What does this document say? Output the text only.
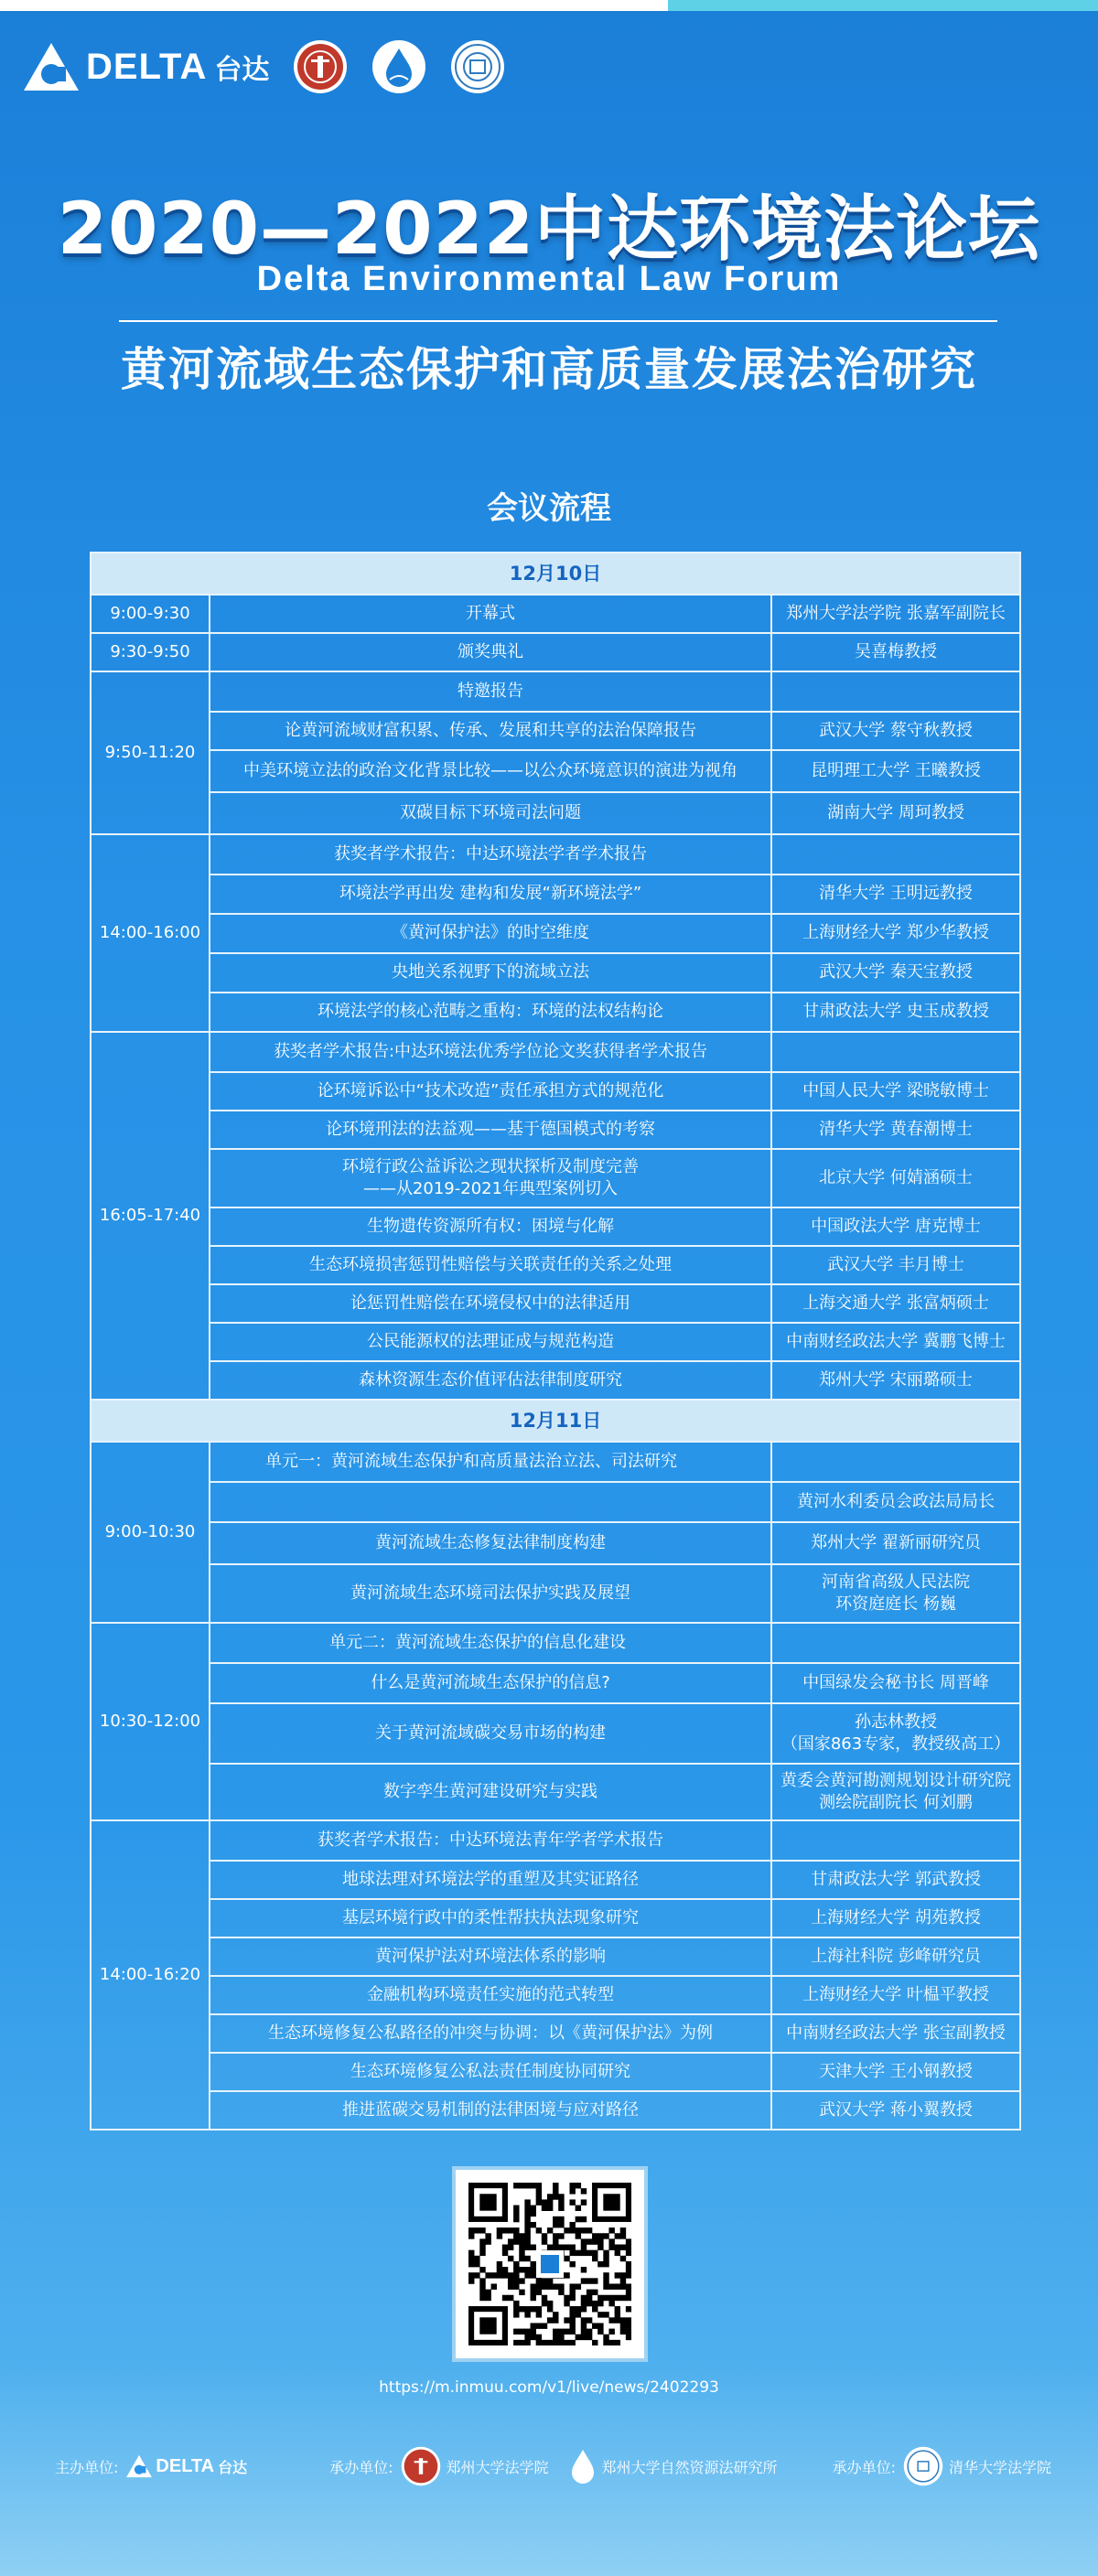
DELTA 台达
2020—2022中达环境法论坛
Delta Environmental Law Forum
黄河流域生态保护和高质量发展法治研究
会议流程
12月10日		
9:00-9:30	开幕式	郑州大学法学院 张嘉军副院长
9:30-9:50	颁奖典礼	吴喜梅教授
9:50-11:20	特邀报告	
	论黄河流域财富积累、传承、发展和共享的法治保障报告	武汉大学 蔡守秋教授
	中美环境立法的政治文化背景比较——以公众环境意识的演进为视角	昆明理工大学 王曦教授
	双碳目标下环境司法问题	湖南大学 周珂教授
14:00-16:00	获奖者学术报告：中达环境法学者学术报告	
	环境法学再出发 建构和发展“新环境法学”	清华大学 王明远教授
	《黄河保护法》的时空维度	上海财经大学 郑少华教授
	央地关系视野下的流域立法	武汉大学 秦天宝教授
	环境法学的核心范畴之重构：环境的法权结构论	甘肃政法大学 史玉成教授
16:05-17:40	获奖者学术报告:中达环境法优秀学位论文奖获得者学术报告	
	论环境诉讼中“技术改造”责任承担方式的规范化	中国人民大学 梁晓敏博士
	论环境刑法的法益观——基于德国模式的考察	清华大学 黄春潮博士

	环境行政公益诉讼之现状探析及制度完善
——从2019-2021年典型案例切入	北京大学 何婧涵硕士
	生物遗传资源所有权：困境与化解	中国政法大学 唐克博士
	生态环境损害惩罚性赔偿与关联责任的关系之处理	武汉大学 丰月博士
	论惩罚性赔偿在环境侵权中的法律适用	上海交通大学 张富炳硕士
	公民能源权的法理证成与规范构造	中南财经政法大学 冀鹏飞博士
	森林资源生态价值评估法律制度研究	郑州大学 宋丽璐硕士
12月11日		
9:00-10:30	单元一：黄河流域生态保护和高质量法治立法、司法研究	
		黄河水利委员会政法局局长
	黄河流域生态修复法律制度构建	郑州大学 翟新丽研究员
	黄河流域生态环境司法保护实践及展望	河南省高级人民法院
环资庭庭长 杨巍

10:30-12:00	单元二：黄河流域生态保护的信息化建设	
	什么是黄河流域生态保护的信息?	中国绿发会秘书长 周晋峰
	关于黄河流域碳交易市场的构建	孙志林教授
（国家863专家，教授级高工）

	数字孪生黄河建设研究与实践	黄委会黄河勘测规划设计研究院
测绘院副院长 何刘鹏

14:00-16:20	获奖者学术报告：中达环境法青年学者学术报告	
	地球法理对环境法学的重塑及其实证路径	甘肃政法大学 郭武教授
	基层环境行政中的柔性帮扶执法现象研究	上海财经大学 胡苑教授
	黄河保护法对环境法体系的影响	上海社科院 彭峰研究员
	金融机构环境责任实施的范式转型	上海财经大学 叶榅平教授
	生态环境修复公私路径的冲突与协调：以《黄河保护法》为例	中南财经政法大学 张宝副教授
	生态环境修复公私法责任制度协同研究	天津大学 王小钢教授
	推进蓝碳交易机制的法律困境与应对路径	武汉大学 蒋小翼教授
https://m.inmuu.com/v1/live/news/2402293
主办单位: DELTA 台达	承办单位:	郑州大学法学院	郑州大学自然资源法研究所	承办单位:	清华大学法学院
